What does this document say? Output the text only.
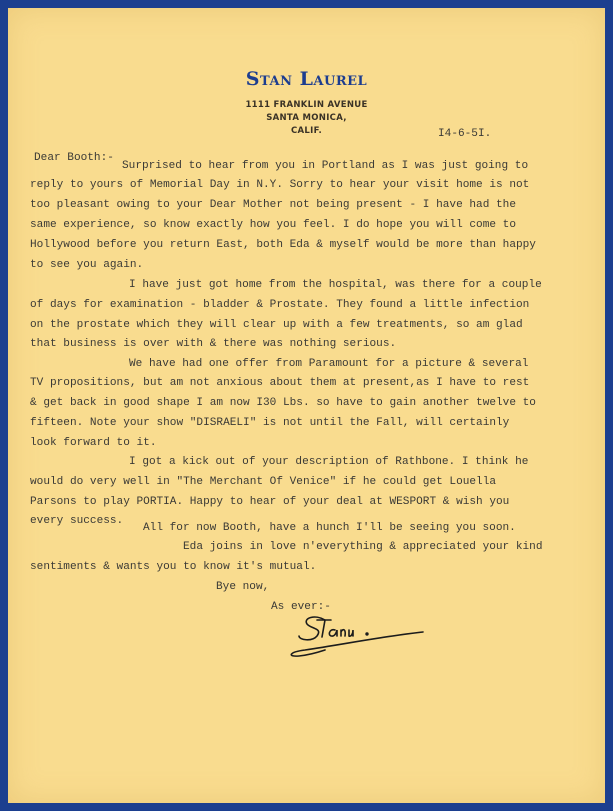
Stan Laurel
1111 FRANKLIN AVENUE
SANTA MONICA,
CALIF.	I4-6-5I.
Dear Booth:-
Surprised to hear from you in Portland as I was just going to
reply to yours of Memorial Day in N.Y. Sorry to hear your visit home is not
too pleasant owing to your Dear Mother not being present - I have had the
same experience, so know exactly how you feel. I do hope you will come to
Hollywood before you return East, both Eda & myself would be more than happy
to see you again.
I have just got home from the hospital, was there for a couple
of days for examination - bladder & Prostate. They found a little infection
on the prostate which they will clear up with a few treatments, so am glad
that business is over with & there was nothing serious.
We have had one offer from Paramount for a picture & several
TV propositions, but am not anxious about them at present,as I have to rest
& get back in good shape I am now I30 Lbs. so have to gain another twelve to
fifteen. Note your show "DISRAELI" is not until the Fall, will certainly
look forward to it.
I got a kick out of your description of Rathbone. I think he
would do very well in "The Merchant Of Venice" if he could get Louella
Parsons to play PORTIA. Happy to hear of your deal at WESPORT & wish you
every success.
All for now Booth, have a hunch I'll be seeing you soon.
Eda joins in love n'everything & appreciated your kind
sentiments & wants you to know it's mutual.
Bye now,
As ever:-
